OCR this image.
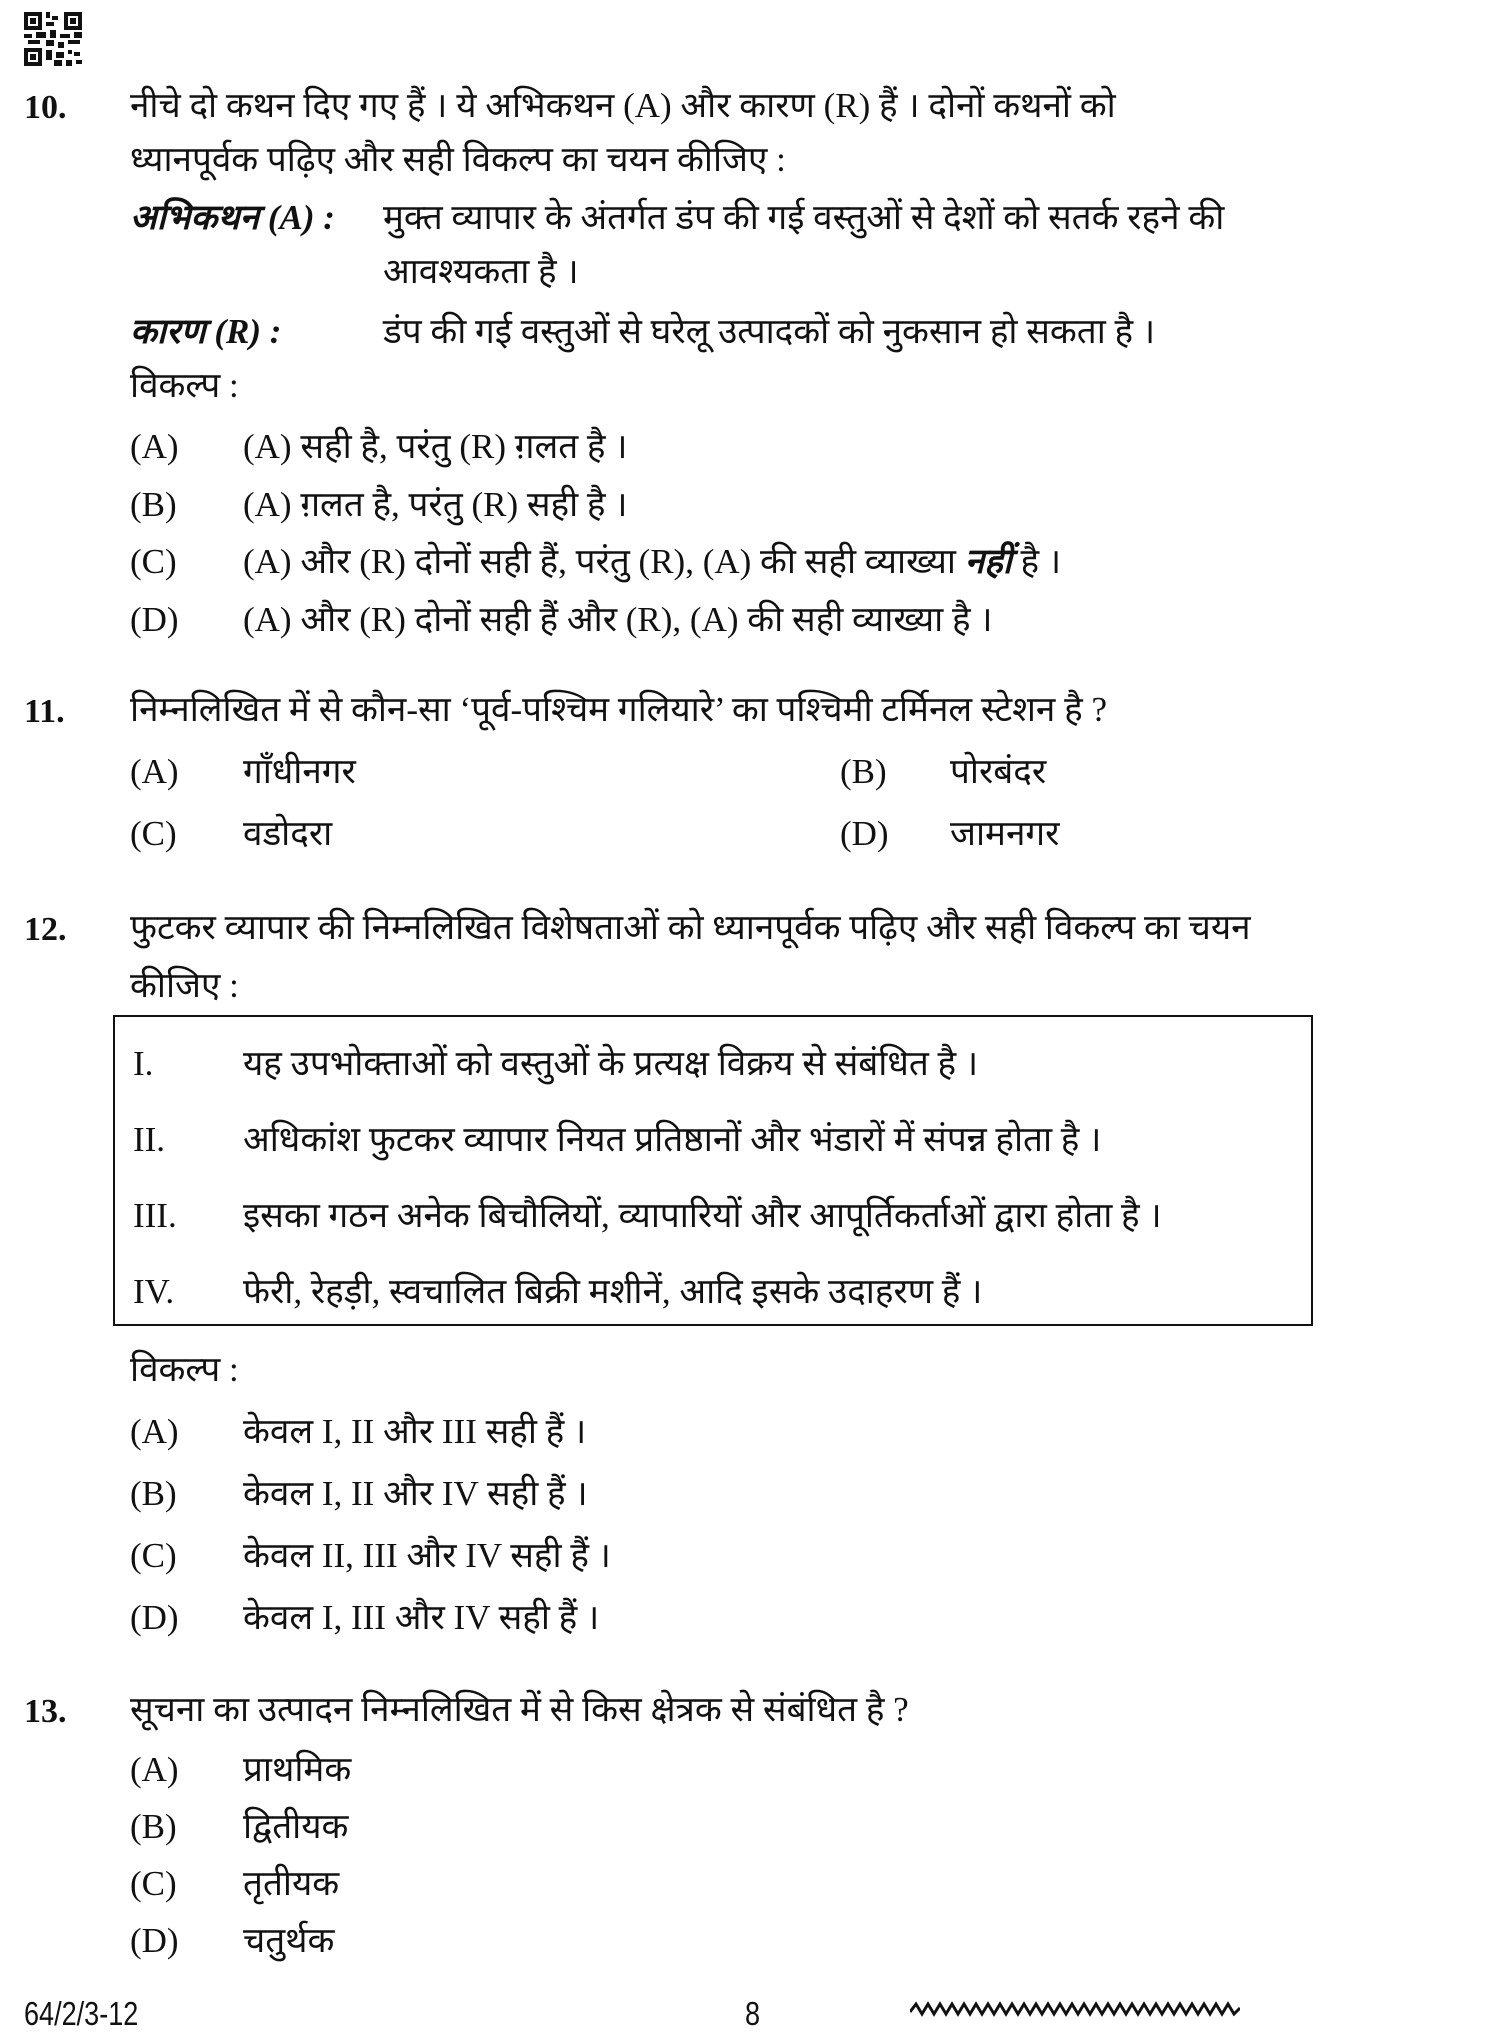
10. नीचे दो कथन दिए गए हैं । ये अभिकथन (A) और कारण (R) हैं । दोनों कथनों को
ध्यानपूर्वक पढ़िए और सही विकल्प का चयन कीजिए :
अभिकथन (A) : मुक्त व्यापार के अंतर्गत डंप की गई वस्तुओं से देशों को सतर्क रहने की
आवश्यकता है ।
कारण (R) :	डंप की गई वस्तुओं से घरेलू उत्पादकों को नुकसान हो सकता है ।
विकल्प :
(A) (A) सही है, परंतु (R) ग़लत है ।
(B) (A) ग़लत है, परंतु (R) सही है ।
(C) (A) और (R) दोनों सही हैं, परंतु (R), (A) की सही व्याख्या नहीं है ।
(D) (A) और (R) दोनों सही हैं और (R), (A) की सही व्याख्या है ।
11. निम्नलिखित में से कौन-सा ‘पूर्व-पश्चिम गलियारे’ का पश्चिमी टर्मिनल स्टेशन है ?
(A) गाँधीनगर	(B) पोरबंदर
(C) वडोदरा	(D) जामनगर
12. फुटकर व्यापार की निम्नलिखित विशेषताओं को ध्यानपूर्वक पढ़िए और सही विकल्प का चयन
कीजिए :
I.	यह उपभोक्ताओं को वस्तुओं के प्रत्यक्ष विक्रय से संबंधित है ।
II. अधिकांश फुटकर व्यापार नियत प्रतिष्ठानों और भंडारों में संपन्न होता है ।
III. इसका गठन अनेक बिचौलियों, व्यापारियों और आपूर्तिकर्ताओं द्वारा होता है ।
IV. फेरी, रेहड़ी, स्वचालित बिक्री मशीनें, आदि इसके उदाहरण हैं ।
विकल्प :
(A) केवल I, II और III सही हैं ।
(B) केवल I, II और IV सही हैं ।
(C) केवल II, III और IV सही हैं ।
(D) केवल I, III और IV सही हैं ।
13. सूचना का उत्पादन निम्नलिखित में से किस क्षेत्रक से संबंधित है ?
(A) प्राथमिक
(B) द्वितीयक
(C) तृतीयक
(D) चतुर्थक
64/2/3-12	8
